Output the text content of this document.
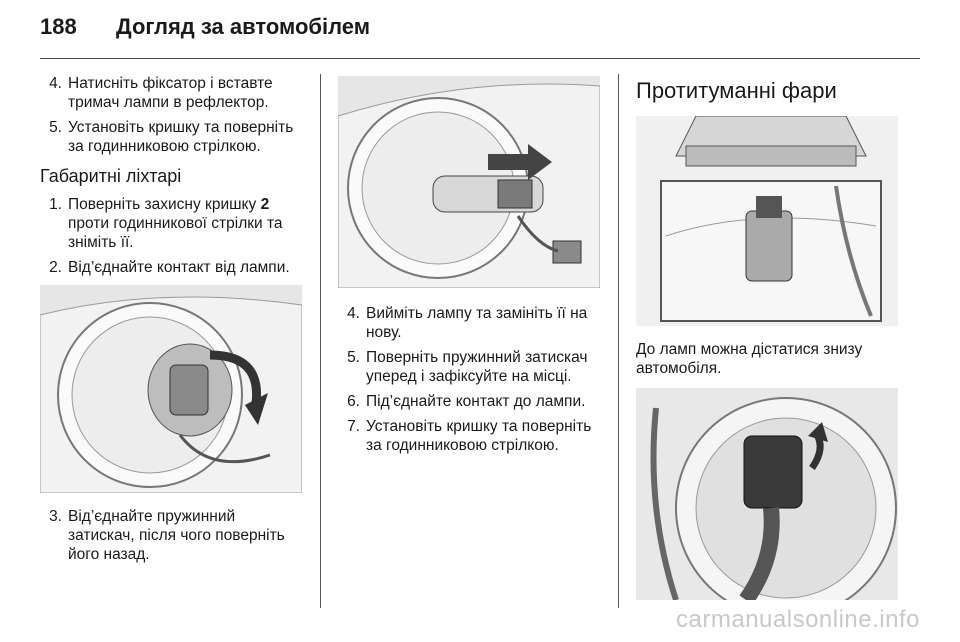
188	Догляд за автомобілем
4. Натисніть фіксатор і вставте тримач лампи в рефлектор.
5. Установіть кришку та поверніть за годинниковою стрілкою.
Габаритні ліхтарі
1. Поверніть захисну кришку 2 проти годинникової стрілки та зніміть її.
2. Від’єднайте контакт від лампи.
3. Від’єднайте пружинний затискач, після чого поверніть його назад.
4. Вийміть лампу та замініть її на нову.
5. Поверніть пружинний затискач уперед і зафіксуйте на місці.
6. Під’єднайте контакт до лампи.
7. Установіть кришку та поверніть за годинниковою стрілкою.
Протитуманні фари

До ламп можна дістатися знизу автомобіля.

carmanualsonline.info
